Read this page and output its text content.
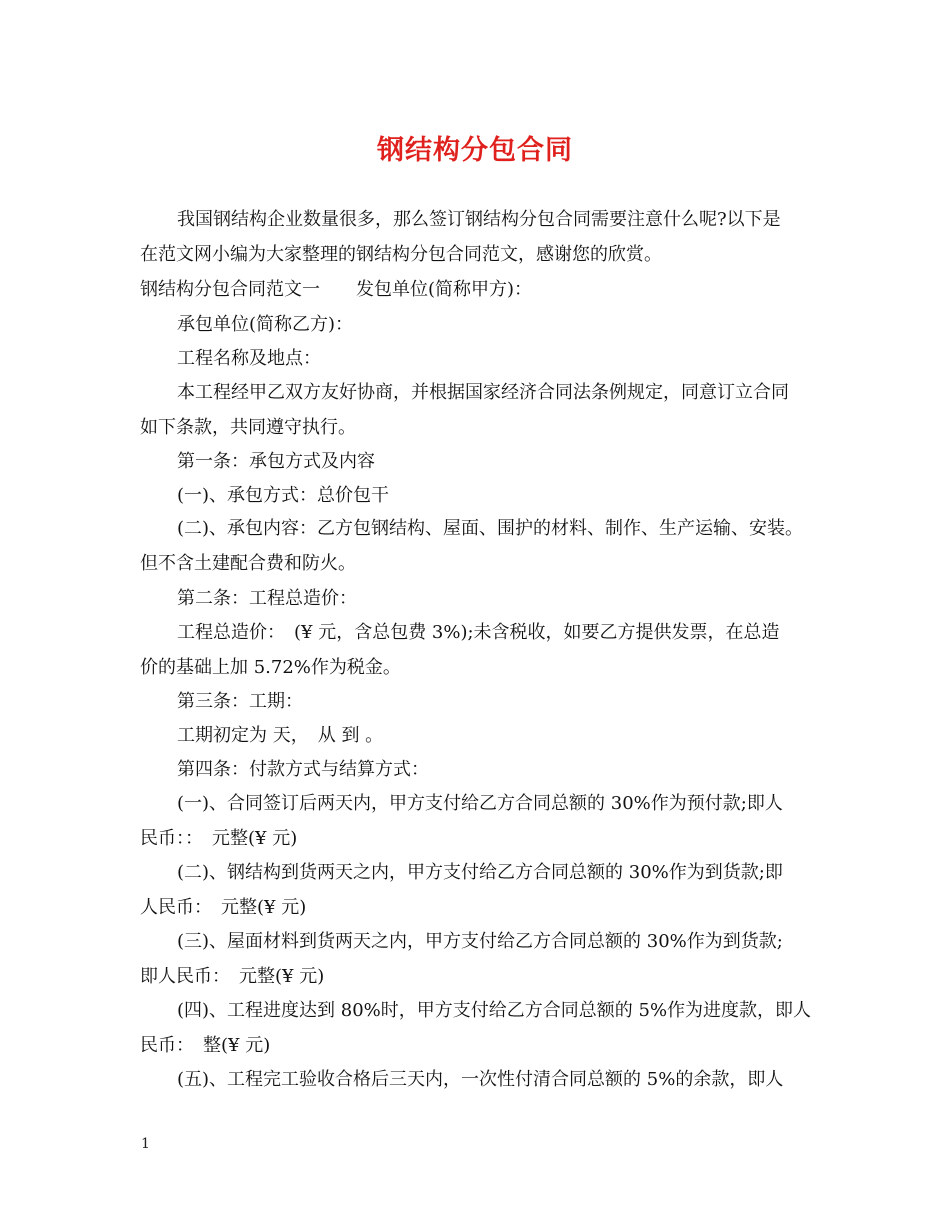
钢结构分包合同
我国钢结构企业数量很多，那么签订钢结构分包合同需要注意什么呢?以下是
在范文网小编为大家整理的钢结构分包合同范文，感谢您的欣赏。
钢结构分包合同范文一　　发包单位(简称甲方)：
承包单位(简称乙方)：
工程名称及地点：
本工程经甲乙双方友好协商，并根据国家经济合同法条例规定，同意订立合同
如下条款，共同遵守执行。
第一条：承包方式及内容
(一)、承包方式：总价包干
(二)、承包内容：乙方包钢结构、屋面、围护的材料、制作、生产运输、安装。
但不含土建配合费和防火。
第二条：工程总造价：
工程总造价：　(¥ 元，含总包费 3%);未含税收，如要乙方提供发票，在总造
价的基础上加 5.72%作为税金。
第三条：工期：
工期初定为 天，　从 到 。
第四条：付款方式与结算方式：
(一)、合同签订后两天内，甲方支付给乙方合同总额的 30%作为预付款;即人
民币：：　元整(¥ 元)
(二)、钢结构到货两天之内，甲方支付给乙方合同总额的 30%作为到货款;即
人民币：　元整(¥ 元)
(三)、屋面材料到货两天之内，甲方支付给乙方合同总额的 30%作为到货款;
即人民币：　元整(¥ 元)
(四)、工程进度达到 80%时，甲方支付给乙方合同总额的 5%作为进度款，即人
民币：　整(¥ 元)
(五)、工程完工验收合格后三天内，一次性付清合同总额的 5%的余款，即人
1
